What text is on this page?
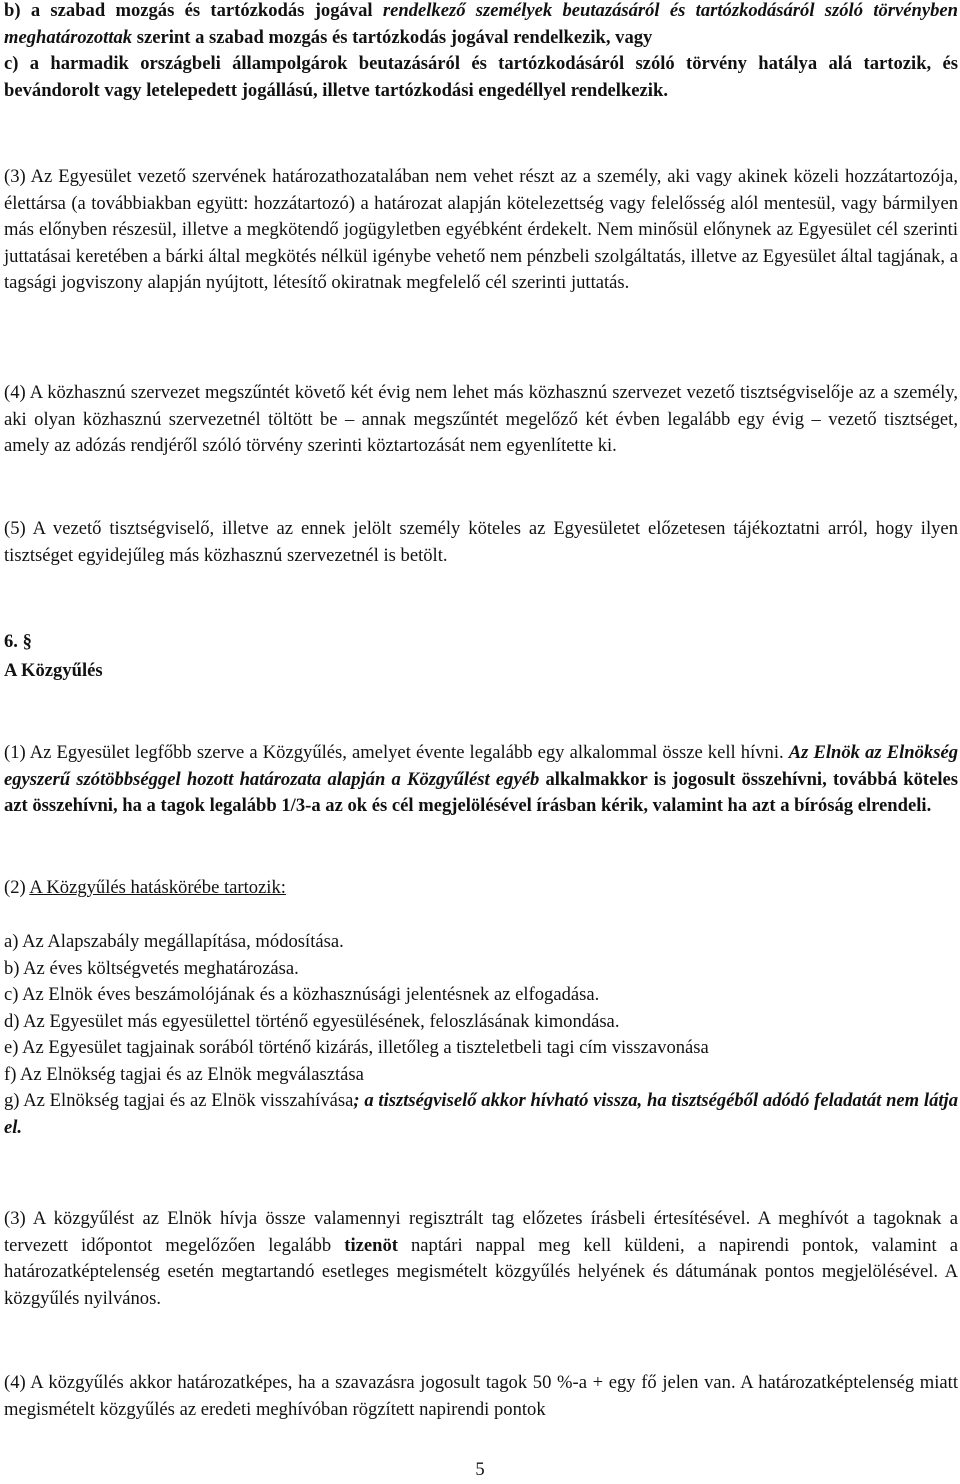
b) a szabad mozgás és tartózkodás jogával rendelkező személyek beutazásáról és tartózkodásáról szóló törvényben meghatározottak szerint a szabad mozgás és tartózkodás jogával rendelkezik, vagy
c) a harmadik országbeli állampolgárok beutazásáról és tartózkodásáról szóló törvény hatálya alá tartozik, és bevándorolt vagy letelepedett jogállású, illetve tartózkodási engedéllyel rendelkezik.

(3) Az Egyesület vezető szervének határozathozatalában nem vehet részt az a személy, aki vagy akinek közeli hozzátartozója, élettársa (a továbbiakban együtt: hozzátartozó) a határozat alapján kötelezettség vagy felelősség alól mentesül, vagy bármilyen más előnyben részesül, illetve a megkötendő jogügyletben egyébként érdekelt. Nem minősül előnynek az Egyesület cél szerinti juttatásai keretében a bárki által megkötés nélkül igénybe vehető nem pénzbeli szolgáltatás, illetve az Egyesület által tagjának, a tagsági jogviszony alapján nyújtott, létesítő okiratnak megfelelő cél szerinti juttatás.

(4) A közhasznú szervezet megszűntét követő két évig nem lehet más közhasznú szervezet vezető tisztségviselője az a személy, aki olyan közhasznú szervezetnél töltött be – annak megszűntét megelőző két évben legalább egy évig – vezető tisztséget, amely az adózás rendjéről szóló törvény szerinti köztartozását nem egyenlítette ki.

(5) A vezető tisztségviselő, illetve az ennek jelölt személy köteles az Egyesületet előzetesen tájékoztatni arról, hogy ilyen tisztséget egyidejűleg más közhasznú szervezetnél is betölt.

6. §
A Közgyűlés

(1) Az Egyesület legfőbb szerve a Közgyűlés, amelyet évente legalább egy alkalommal össze kell hívni. Az Elnök az Elnökség egyszerű szótöbbséggel hozott határozata alapján a Közgyűlést egyéb alkalmakkor is jogosult összehívni, továbbá köteles azt összehívni, ha a tagok legalább 1/3-a az ok és cél megjelölésével írásban kérik, valamint ha azt a bíróság elrendeli.

(2) A Közgyűlés hatáskörébe tartozik:

a) Az Alapszabály megállapítása, módosítása.
b) Az éves költségvetés meghatározása.
c) Az Elnök éves beszámolójának és a közhasznúsági jelentésnek az elfogadása.
d) Az Egyesület más egyesülettel történő egyesülésének, feloszlásának kimondása.
e) Az Egyesület tagjainak sorából történő kizárás, illetőleg a tiszteletbeli tagi cím visszavonása
f) Az Elnökség tagjai és az Elnök megválasztása
g) Az Elnökség tagjai és az Elnök visszahívása; a tisztségviselő akkor hívható vissza, ha tisztségéből adódó feladatát nem látja el.

(3) A közgyűlést az Elnök hívja össze valamennyi regisztrált tag előzetes írásbeli értesítésével. A meghívót a tagoknak a tervezett időpontot megelőzően legalább tizenöt naptári nappal meg kell küldeni, a napirendi pontok, valamint a határozatképtelenség esetén megtartandó esetleges megismételt közgyűlés helyének és dátumának pontos megjelölésével. A közgyűlés nyilvános.

(4) A közgyűlés akkor határozatképes, ha a szavazásra jogosult tagok 50 %-a + egy fő jelen van. A határozatképtelenség miatt megismételt közgyűlés az eredeti meghívóban rögzített napirendi pontok

5
